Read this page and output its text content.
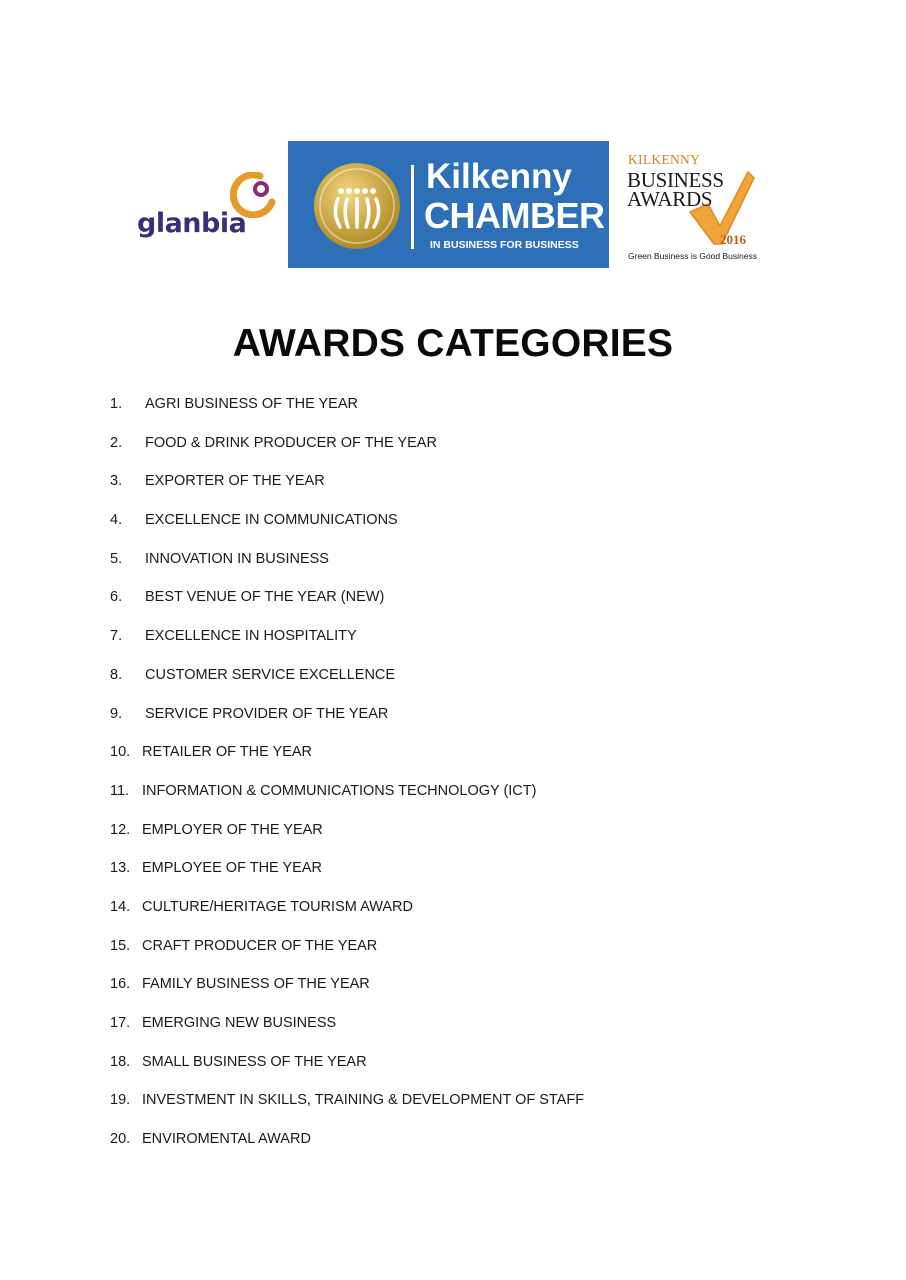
glanbia
Kilkenny
CHAMBER
IN BUSINESS FOR BUSINESS
KILKENNY
BUSINESS
AWARDS
2016
Green Business is Good Business
AWARDS CATEGORIES
1. AGRI BUSINESS OF THE YEAR
2. FOOD & DRINK PRODUCER OF THE YEAR
3. EXPORTER OF THE YEAR
4. EXCELLENCE IN COMMUNICATIONS
5. INNOVATION IN BUSINESS
6. BEST VENUE OF THE YEAR (NEW)
7. EXCELLENCE IN HOSPITALITY
8. CUSTOMER SERVICE EXCELLENCE
9. SERVICE PROVIDER OF THE YEAR
10. RETAILER OF THE YEAR
11. INFORMATION & COMMUNICATIONS TECHNOLOGY (ICT)
12. EMPLOYER OF THE YEAR
13. EMPLOYEE OF THE YEAR
14. CULTURE/HERITAGE TOURISM AWARD
15. CRAFT PRODUCER OF THE YEAR
16. FAMILY BUSINESS OF THE YEAR
17. EMERGING NEW BUSINESS
18. SMALL BUSINESS OF THE YEAR
19. INVESTMENT IN SKILLS, TRAINING & DEVELOPMENT OF STAFF
20. ENVIROMENTAL AWARD
